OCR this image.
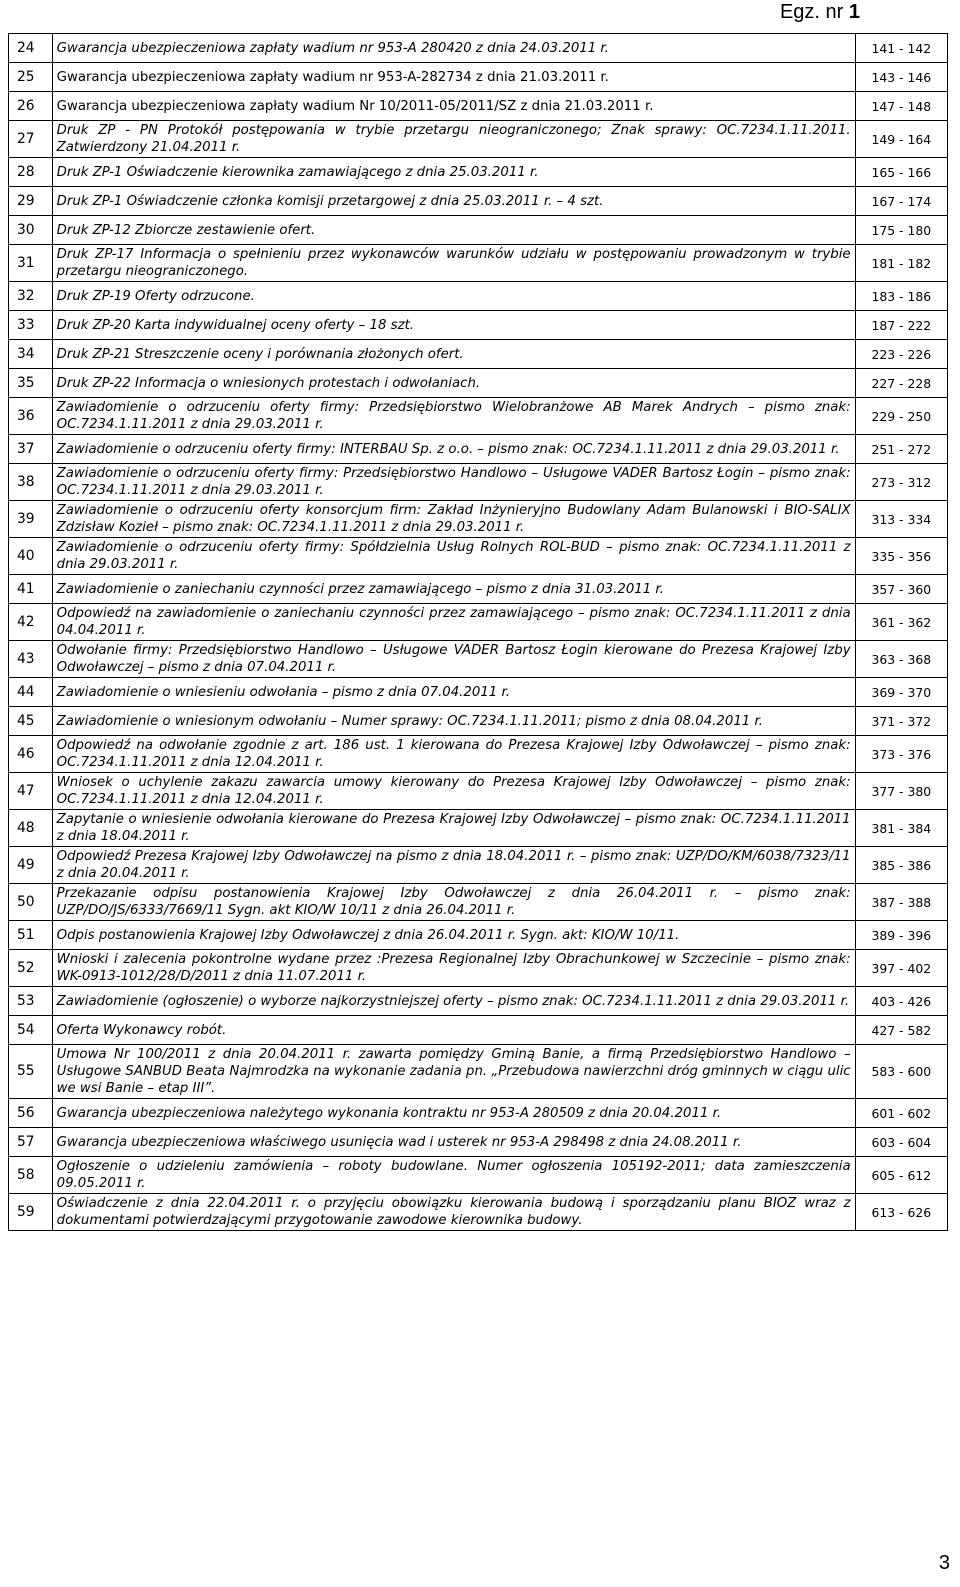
Egz. nr 1
24	Gwarancja ubezpieczeniowa zapłaty wadium nr 953-A 280420 z dnia 24.03.2011 r.	141 - 142
25	Gwarancja ubezpieczeniowa zapłaty wadium nr 953-A-282734 z dnia 21.03.2011 r.	143 - 146
26	Gwarancja ubezpieczeniowa zapłaty wadium Nr 10/2011-05/2011/SZ z dnia 21.03.2011 r.	147 - 148
27	Druk ZP - PN Protokół postępowania w trybie przetargu nieograniczonego; Znak sprawy: OC.7234.1.11.2011. Zatwierdzony 21.04.2011 r.	149 - 164
28	Druk ZP-1 Oświadczenie kierownika zamawiającego z dnia 25.03.2011 r.	165 - 166
29	Druk ZP-1 Oświadczenie członka komisji przetargowej z dnia 25.03.2011 r. – 4 szt.	167 - 174
30	Druk ZP-12 Zbiorcze zestawienie ofert.	175 - 180
31	Druk ZP-17 Informacja o spełnieniu przez wykonawców warunków udziału w postępowaniu prowadzonym w trybie przetargu nieograniczonego.	181 - 182
32	Druk ZP-19 Oferty odrzucone.	183 - 186
33	Druk ZP-20 Karta indywidualnej oceny oferty – 18 szt.	187 - 222
34	Druk ZP-21 Streszczenie oceny i porównania złożonych ofert.	223 - 226
35	Druk ZP-22 Informacja o wniesionych protestach i odwołaniach.	227 - 228
36	Zawiadomienie o odrzuceniu oferty firmy: Przedsiębiorstwo Wielobranżowe AB Marek Andrych – pismo znak: OC.7234.1.11.2011 z dnia 29.03.2011 r.	229 - 250
37	Zawiadomienie o odrzuceniu oferty firmy: INTERBAU Sp. z o.o. – pismo znak: OC.7234.1.11.2011 z dnia 29.03.2011 r.	251 - 272
38	Zawiadomienie o odrzuceniu oferty firmy: Przedsiębiorstwo Handlowo – Usługowe VADER Bartosz Łogin – pismo znak: OC.7234.1.11.2011 z dnia 29.03.2011 r.	273 - 312
39	Zawiadomienie o odrzuceniu oferty konsorcjum firm: Zakład Inżynieryjno Budowlany Adam Bulanowski i BIO-SALIX Zdzisław Kozieł – pismo znak: OC.7234.1.11.2011 z dnia 29.03.2011 r.	313 - 334
40	Zawiadomienie o odrzuceniu oferty firmy: Spółdzielnia Usług Rolnych ROL-BUD – pismo znak: OC.7234.1.11.2011 z dnia 29.03.2011 r.	335 - 356
41	Zawiadomienie o zaniechaniu czynności przez zamawiającego – pismo z dnia 31.03.2011 r.	357 - 360
42	Odpowiedź na zawiadomienie o zaniechaniu czynności przez zamawiającego – pismo znak: OC.7234.1.11.2011 z dnia 04.04.2011 r.	361 - 362
43	Odwołanie firmy: Przedsiębiorstwo Handlowo – Usługowe VADER Bartosz Łogin kierowane do Prezesa Krajowej Izby Odwoławczej – pismo z dnia 07.04.2011 r.	363 - 368
44	Zawiadomienie o wniesieniu odwołania – pismo z dnia 07.04.2011 r.	369 - 370
45	Zawiadomienie o wniesionym odwołaniu – Numer sprawy: OC.7234.1.11.2011; pismo z dnia 08.04.2011 r.	371 - 372
46	Odpowiedź na odwołanie zgodnie z art. 186 ust. 1 kierowana do Prezesa Krajowej Izby Odwoławczej – pismo znak: OC.7234.1.11.2011 z dnia 12.04.2011 r.	373 - 376
47	Wniosek o uchylenie zakazu zawarcia umowy kierowany do Prezesa Krajowej Izby Odwoławczej – pismo znak: OC.7234.1.11.2011 z dnia 12.04.2011 r.	377 - 380
48	Zapytanie o wniesienie odwołania kierowane do Prezesa Krajowej Izby Odwoławczej – pismo znak: OC.7234.1.11.2011 z dnia 18.04.2011 r.	381 - 384
49	Odpowiedź Prezesa Krajowej Izby Odwoławczej na pismo z dnia 18.04.2011 r. – pismo znak: UZP/DO/KM/6038/7323/11 z dnia 20.04.2011 r.	385 - 386
50	Przekazanie odpisu postanowienia Krajowej Izby Odwoławczej z dnia 26.04.2011 r. – pismo znak: UZP/DO/JS/6333/7669/11 Sygn. akt KIO/W 10/11 z dnia 26.04.2011 r.	387 - 388
51	Odpis postanowienia Krajowej Izby Odwoławczej z dnia 26.04.2011 r. Sygn. akt: KIO/W 10/11.	389 - 396
52	Wnioski i zalecenia pokontrolne wydane przez :Prezesa Regionalnej Izby Obrachunkowej w Szczecinie – pismo znak: WK-0913-1012/28/D/2011 z dnia 11.07.2011 r.	397 - 402
53	Zawiadomienie (ogłoszenie) o wyborze najkorzystniejszej oferty – pismo znak: OC.7234.1.11.2011 z dnia 29.03.2011 r.	403 - 426
54	Oferta Wykonawcy robót.	427 - 582
55	Umowa Nr 100/2011 z dnia 20.04.2011 r. zawarta pomiędzy Gminą Banie, a firmą Przedsiębiorstwo Handlowo – Usługowe SANBUD Beata Najmrodzka na wykonanie zadania pn. „Przebudowa nawierzchni dróg gminnych w ciągu ulic we wsi Banie – etap III”.	583 - 600
56	Gwarancja ubezpieczeniowa należytego wykonania kontraktu nr 953-A 280509 z dnia 20.04.2011 r.	601 - 602
57	Gwarancja ubezpieczeniowa właściwego usunięcia wad i usterek nr 953-A 298498 z dnia 24.08.2011 r.	603 - 604
58	Ogłoszenie o udzieleniu zamówienia – roboty budowlane. Numer ogłoszenia 105192-2011; data zamieszczenia 09.05.2011 r.	605 - 612
59	Oświadczenie z dnia 22.04.2011 r. o przyjęciu obowiązku kierowania budową i sporządzaniu planu BIOZ wraz z dokumentami potwierdzającymi przygotowanie zawodowe kierownika budowy.	613 - 626
3
